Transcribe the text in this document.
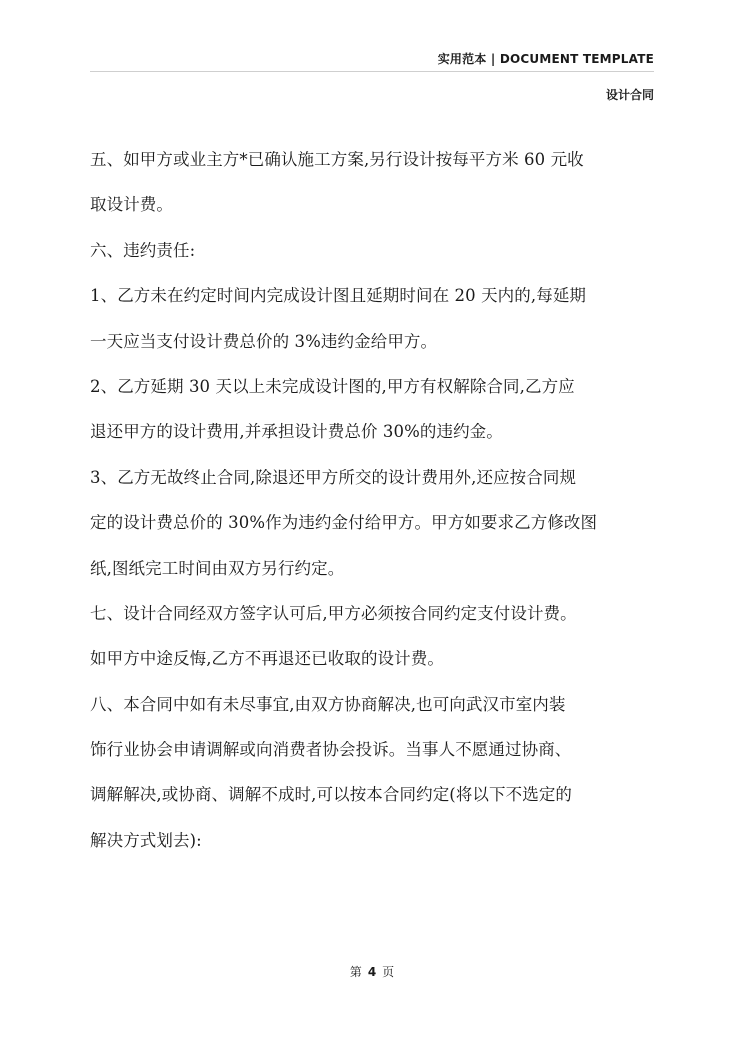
实用范本 | DOCUMENT TEMPLATE
设计合同
五、如甲方或业主方*已确认施工方案,另行设计按每平方米 60 元收
取设计费。
六、违约责任:
1、乙方未在约定时间内完成设计图且延期时间在 20 天内的,每延期
一天应当支付设计费总价的 3%违约金给甲方。
2、乙方延期 30 天以上未完成设计图的,甲方有权解除合同,乙方应
退还甲方的设计费用,并承担设计费总价 30%的违约金。
3、乙方无故终止合同,除退还甲方所交的设计费用外,还应按合同规
定的设计费总价的 30%作为违约金付给甲方。甲方如要求乙方修改图
纸,图纸完工时间由双方另行约定。
七、设计合同经双方签字认可后,甲方必须按合同约定支付设计费。
如甲方中途反悔,乙方不再退还已收取的设计费。
八、本合同中如有未尽事宜,由双方协商解决,也可向武汉市室内装
饰行业协会申请调解或向消费者协会投诉。当事人不愿通过协商、
调解解决,或协商、调解不成时,可以按本合同约定(将以下不选定的
解决方式划去):
第 4 页
